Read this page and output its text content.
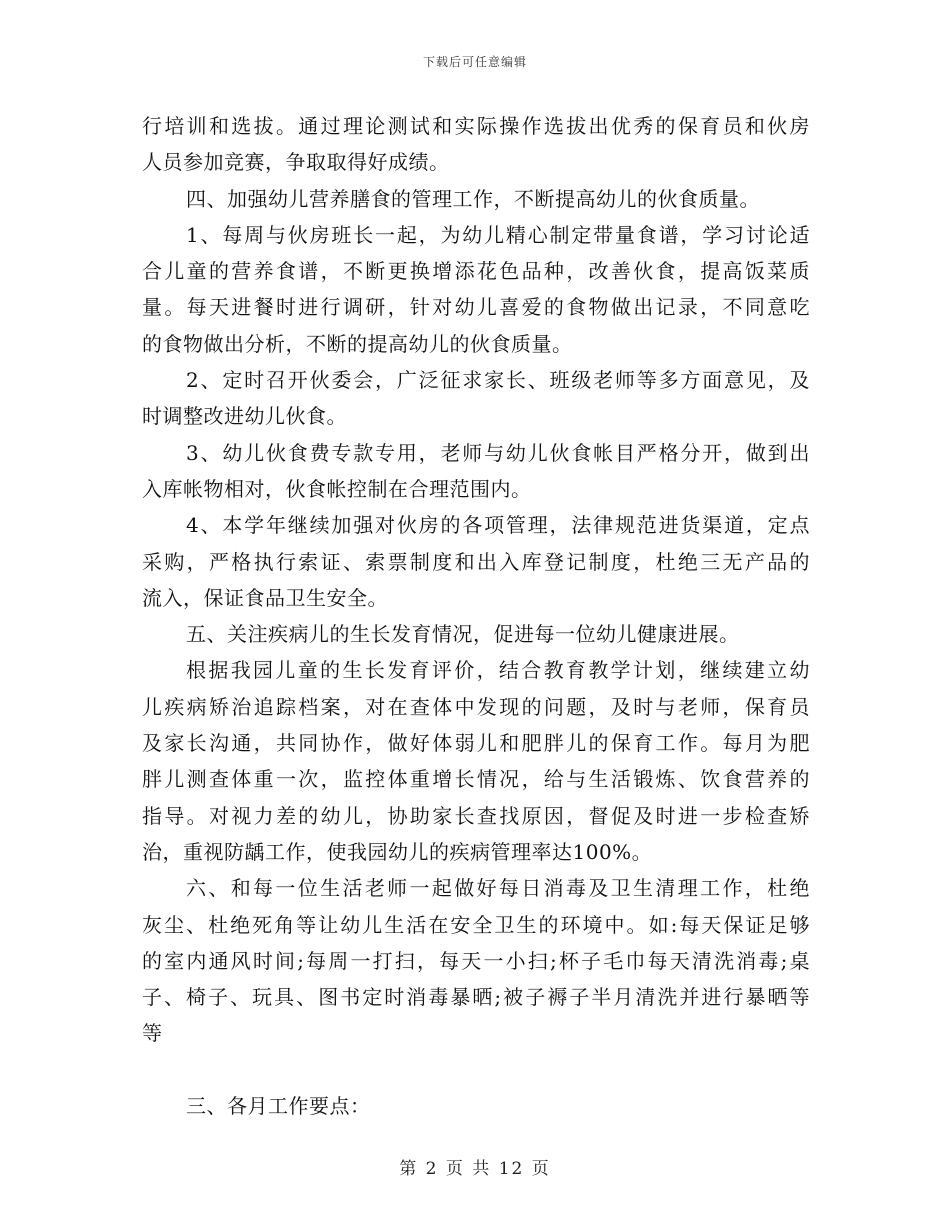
下载后可任意编辑
行培训和选拔。通过理论测试和实际操作选拔出优秀的保育员和伙房
人员参加竞赛，争取取得好成绩。
四、加强幼儿营养膳食的管理工作，不断提高幼儿的伙食质量。
1、每周与伙房班长一起，为幼儿精心制定带量食谱，学习讨论适
合儿童的营养食谱，不断更换增添花色品种，改善伙食，提高饭菜质
量。每天进餐时进行调研，针对幼儿喜爱的食物做出记录，不同意吃
的食物做出分析，不断的提高幼儿的伙食质量。
2、定时召开伙委会，广泛征求家长、班级老师等多方面意见，及
时调整改进幼儿伙食。
3、幼儿伙食费专款专用，老师与幼儿伙食帐目严格分开，做到出
入库帐物相对，伙食帐控制在合理范围内。
4、本学年继续加强对伙房的各项管理，法律规范进货渠道，定点
采购，严格执行索证、索票制度和出入库登记制度，杜绝三无产品的
流入，保证食品卫生安全。
五、关注疾病儿的生长发育情况，促进每一位幼儿健康进展。
根据我园儿童的生长发育评价，结合教育教学计划，继续建立幼
儿疾病矫治追踪档案，对在查体中发现的问题，及时与老师，保育员
及家长沟通，共同协作，做好体弱儿和肥胖儿的保育工作。每月为肥
胖儿测查体重一次，监控体重增长情况，给与生活锻炼、饮食营养的
指导。对视力差的幼儿，协助家长查找原因，督促及时进一步检查矫
治，重视防龋工作，使我园幼儿的疾病管理率达100%。
六、和每一位生活老师一起做好每日消毒及卫生清理工作，杜绝
灰尘、杜绝死角等让幼儿生活在安全卫生的环境中。如:每天保证足够
的室内通风时间;每周一打扫，每天一小扫;杯子毛巾每天清洗消毒;桌
子、椅子、玩具、图书定时消毒暴晒;被子褥子半月清洗并进行暴晒等
等
三、各月工作要点：
第 2 页 共 12 页
